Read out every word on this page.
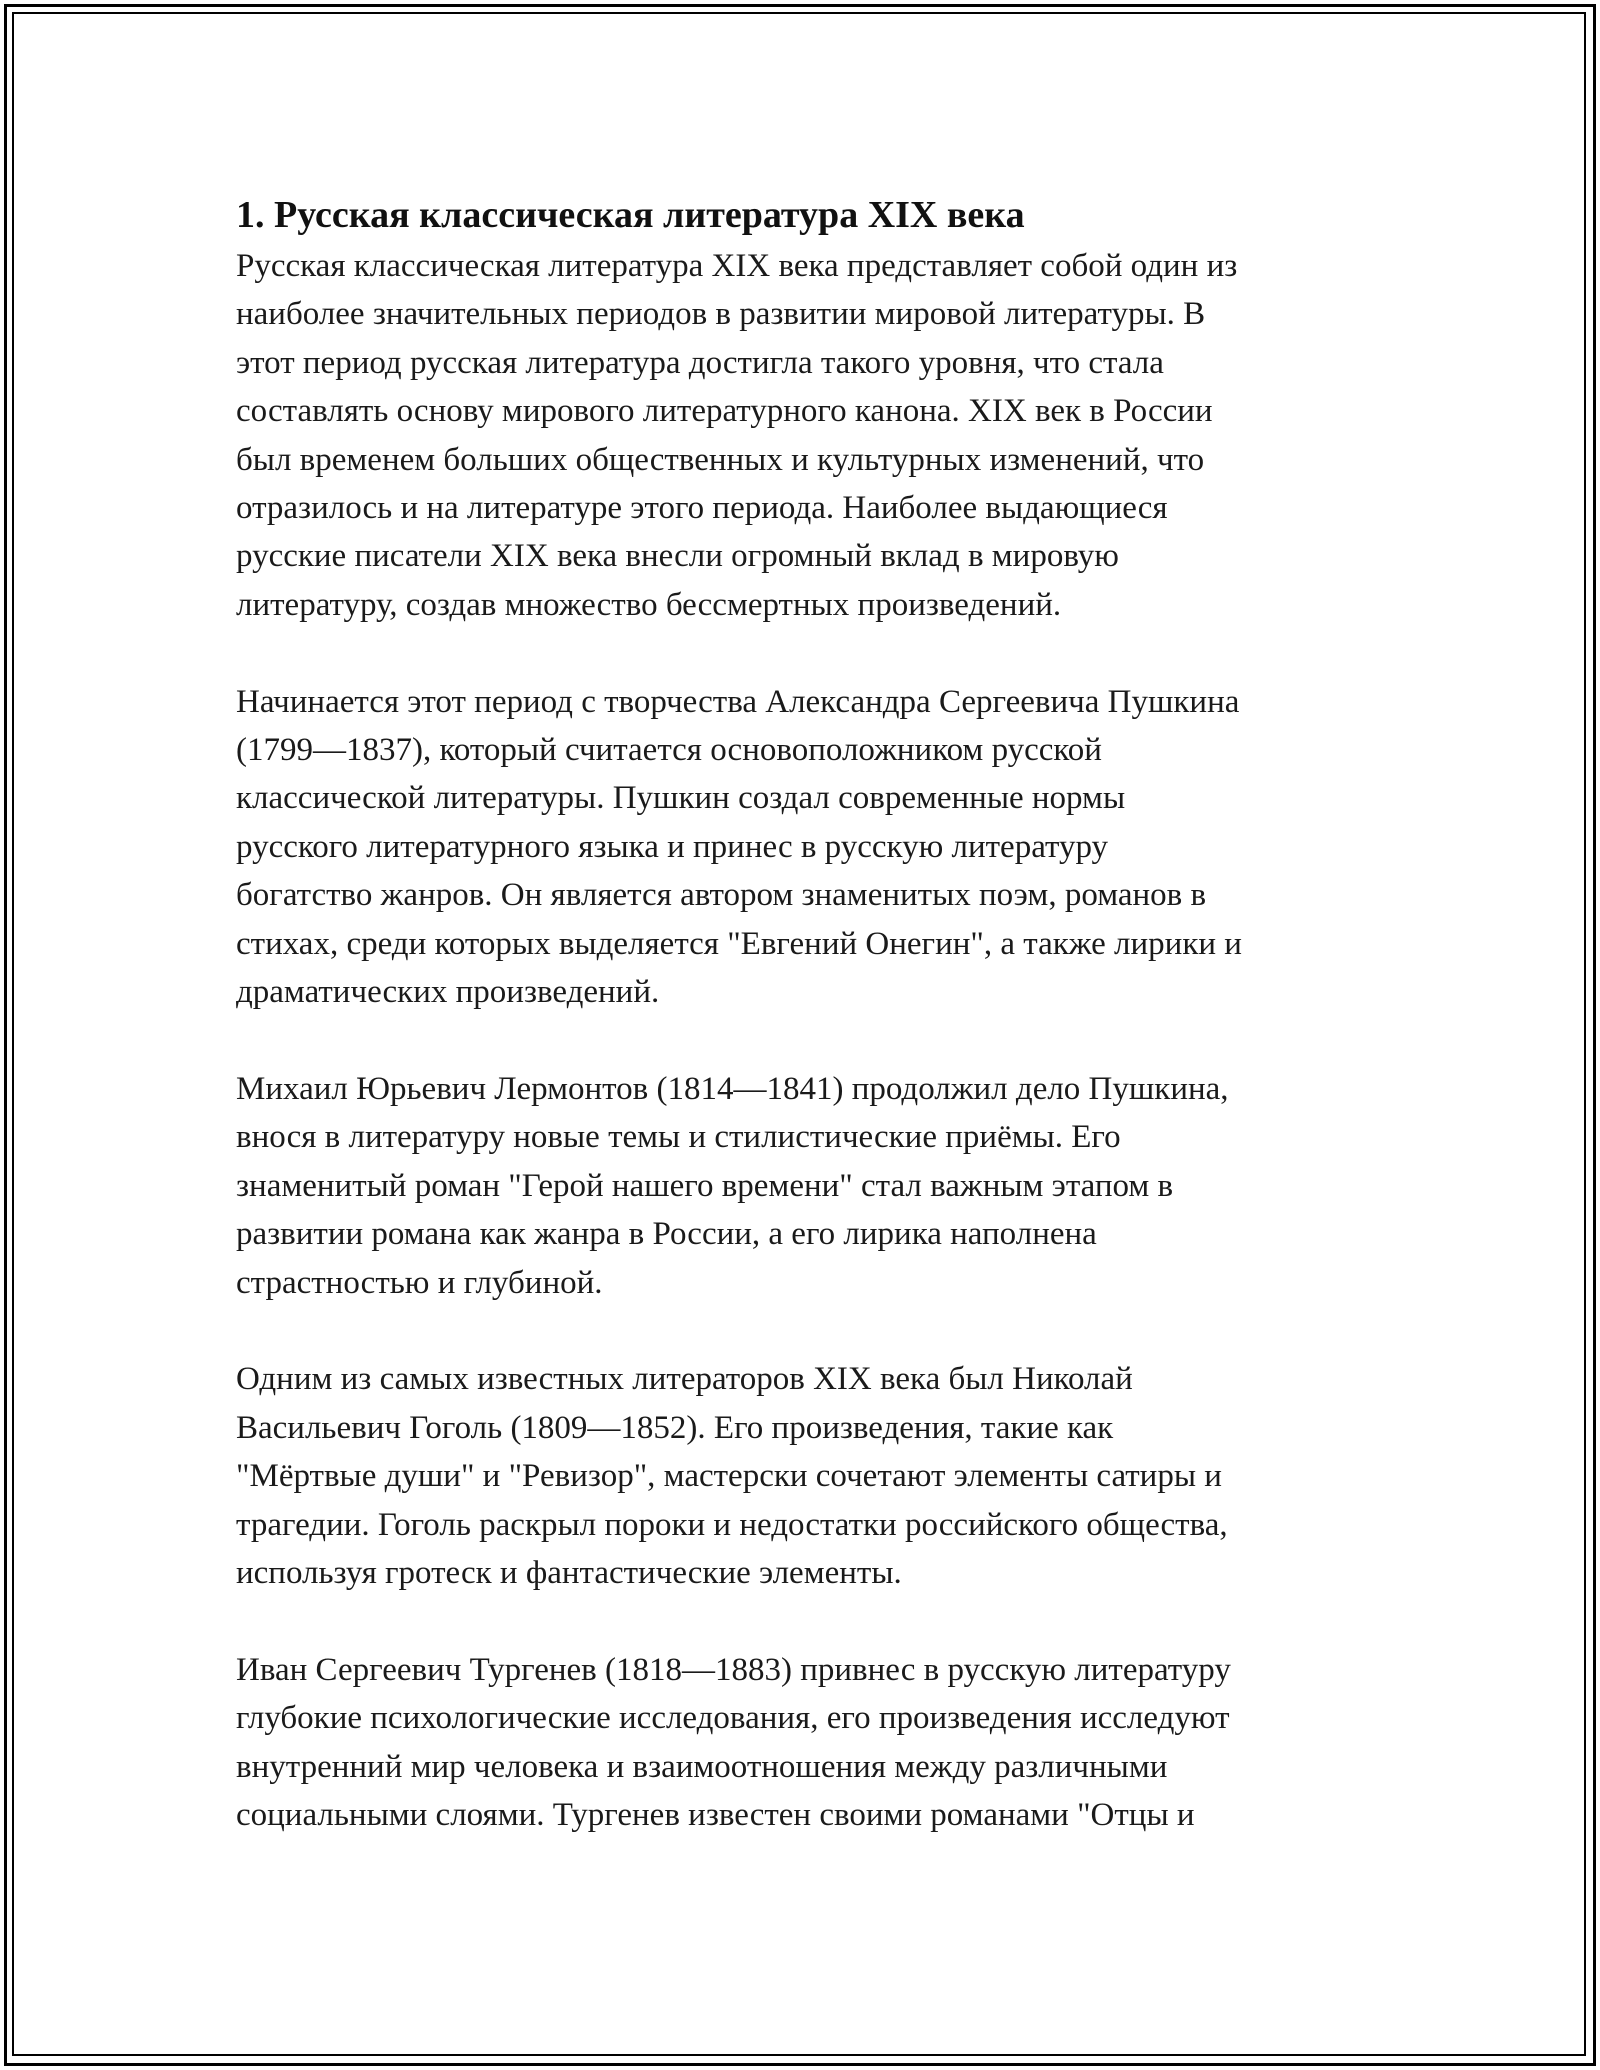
1. Русская классическая литература XIX века

Русская классическая литература XIX века представляет собой один из
наиболее значительных периодов в развитии мировой литературы. В
этот период русская литература достигла такого уровня, что стала
составлять основу мирового литературного канона. XIX век в России
был временем больших общественных и культурных изменений, что
отразилось и на литературе этого периода. Наиболее выдающиеся
русские писатели XIX века внесли огромный вклад в мировую
литературу, создав множество бессмертных произведений.

Начинается этот период с творчества Александра Сергеевича Пушкина
(1799—1837), который считается основоположником русской
классической литературы. Пушкин создал современные нормы
русского литературного языка и принес в русскую литературу
богатство жанров. Он является автором знаменитых поэм, романов в
стихах, среди которых выделяется "Евгений Онегин", а также лирики и
драматических произведений.

Михаил Юрьевич Лермонтов (1814—1841) продолжил дело Пушкина,
внося в литературу новые темы и стилистические приёмы. Его
знаменитый роман "Герой нашего времени" стал важным этапом в
развитии романа как жанра в России, а его лирика наполнена
страстностью и глубиной.

Одним из самых известных литераторов XIX века был Николай
Васильевич Гоголь (1809—1852). Его произведения, такие как
"Мёртвые души" и "Ревизор", мастерски сочетают элементы сатиры и
трагедии. Гоголь раскрыл пороки и недостатки российского общества,
используя гротеск и фантастические элементы.

Иван Сергеевич Тургенев (1818—1883) привнес в русскую литературу
глубокие психологические исследования, его произведения исследуют
внутренний мир человека и взаимоотношения между различными
социальными слоями. Тургенев известен своими романами "Отцы и
